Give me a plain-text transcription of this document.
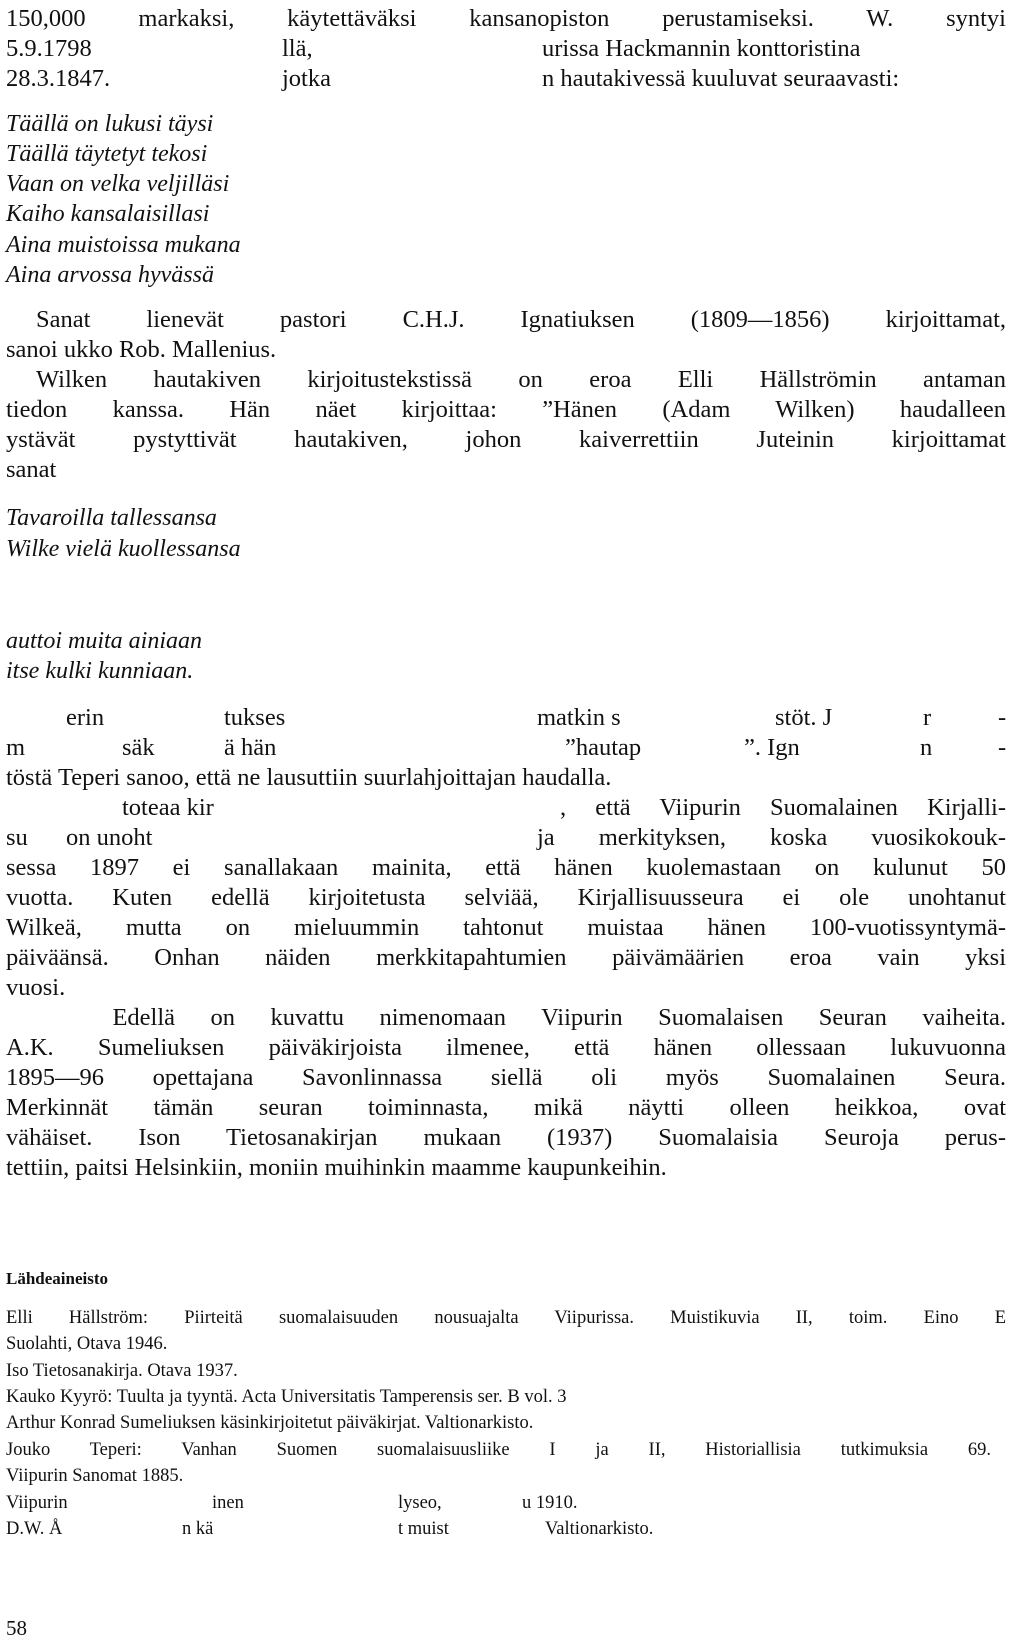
150,000 markaksi, käytettäväksi kansanopiston perustamiseksi. W. syntyi
5.9.1798	llä,	urissa Hackmannin konttoristina
28.3.1847.	jotka	n hautakivessä kuuluvat seuraavasti:
Täällä on lukusi täysi
Täällä täytetyt tekosi
Vaan on velka veljilläsi
Kaiho kansalaisillasi
Aina muistoissa mukana
Aina arvossa hyvässä
Sanat lienevät pastori C.H.J. Ignatiuksen (1809—1856) kirjoittamat,
sanoi ukko Rob. Mallenius.
Wilken hautakiven kirjoitustekstissä on eroa Elli Hällströmin antaman
tiedon kanssa. Hän näet kirjoittaa: ”Hänen (Adam Wilken) haudalleen
ystävät pystyttivät hautakiven, johon kaiverrettiin Juteinin kirjoittamat
sanat
Tavaroilla tallessansa
Wilke vielä kuollessansa
auttoi muita ainiaan
itse kulki kunniaan.
erin	tukses	matkin s	stöt. J	r	-
m	säk	ä hän	”hautap	”. Ign	n	-
töstä Teperi sanoo, että ne lausuttiin suurlahjoittajan haudalla.
toteaa kir	, että Viipurin Suomalainen Kirjalli-
su on unoht	ja merkityksen, koska vuosikokouk-
sessa 1897 ei sanallakaan mainita, että hänen kuolemastaan on kulunut 50
vuotta. Kuten edellä kirjoitetusta selviää, Kirjallisuusseura ei ole unohtanut
Wilkeä, mutta on mieluummin tahtonut muistaa hänen 100-vuotissyntymä-
päiväänsä. Onhan näiden merkkitapahtumien päivämäärien eroa vain yksi
vuosi.
Edellä on kuvattu nimenomaan Viipurin Suomalaisen Seuran vaiheita.
A.K. Sumeliuksen päiväkirjoista ilmenee, että hänen ollessaan lukuvuonna
1895—96 opettajana Savonlinnassa siellä oli myös Suomalainen Seura.
Merkinnät tämän seuran toiminnasta, mikä näytti olleen heikkoa, ovat
vähäiset. Ison Tietosanakirjan mukaan (1937) Suomalaisia Seuroja perus-
tettiin, paitsi Helsinkiin, moniin muihinkin maamme kaupunkeihin.
Lähdeaineisto
Elli Hällström: Piirteitä suomalaisuuden nousuajalta Viipurissa. Muistikuvia II, toim. Eino E
Suolahti, Otava 1946.
Iso Tietosanakirja. Otava 1937.
Kauko Kyyrö: Tuulta ja tyyntä. Acta Universitatis Tamperensis ser. B vol. 3
Arthur Konrad Sumeliuksen käsinkirjoitetut päiväkirjat. Valtionarkisto.
Jouko Teperi: Vanhan Suomen suomalaisuusliike I ja II, Historiallisia tutkimuksia 69.
Viipurin Sanomat 1885.
Viipurin	inen	lyseo,	u 1910.
D.W. Å	n kä	t muist	Valtionarkisto.
58
